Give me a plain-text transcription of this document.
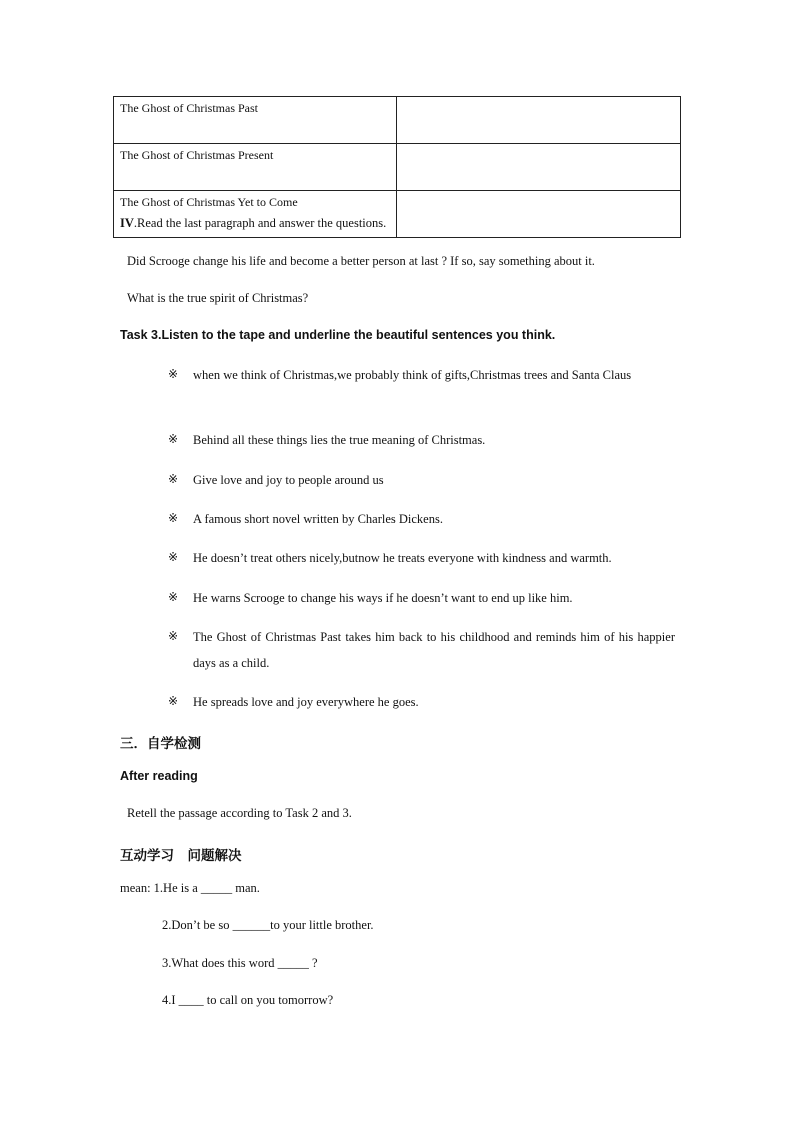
The Ghost of Christmas Past	
The Ghost of Christmas Present	
The Ghost of Christmas Yet to Come	
IV.Read the last paragraph and answer the questions.
Did Scrooge change his life and become a better person at last ? If so, say something about it.
What is the true spirit of Christmas?
Task 3.Listen to the tape and underline the beautiful sentences you think.
※ when we think of Christmas,we probably think of gifts,Christmas trees and Santa Claus
※ Behind all these things lies the true meaning of Christmas.
※ Give love and joy to people around us
※ A famous short novel written by Charles Dickens.
※ He doesn’t treat others nicely,butnow he treats everyone with kindness and warmth.
※ He warns Scrooge to change his ways if he doesn’t want to end up like him.
※ The Ghost of Christmas Past takes him back to his childhood and reminds him of his happier days as a child.
※ He spreads love and joy everywhere he goes.
三．自学检测
After reading
Retell the passage according to Task 2 and 3.
互动学习　问题解决
mean: 1.He is a _____ man.
2.Don’t be so ______to your little brother.
3.What does this word _____ ?
4.I ____ to call on you tomorrow?
